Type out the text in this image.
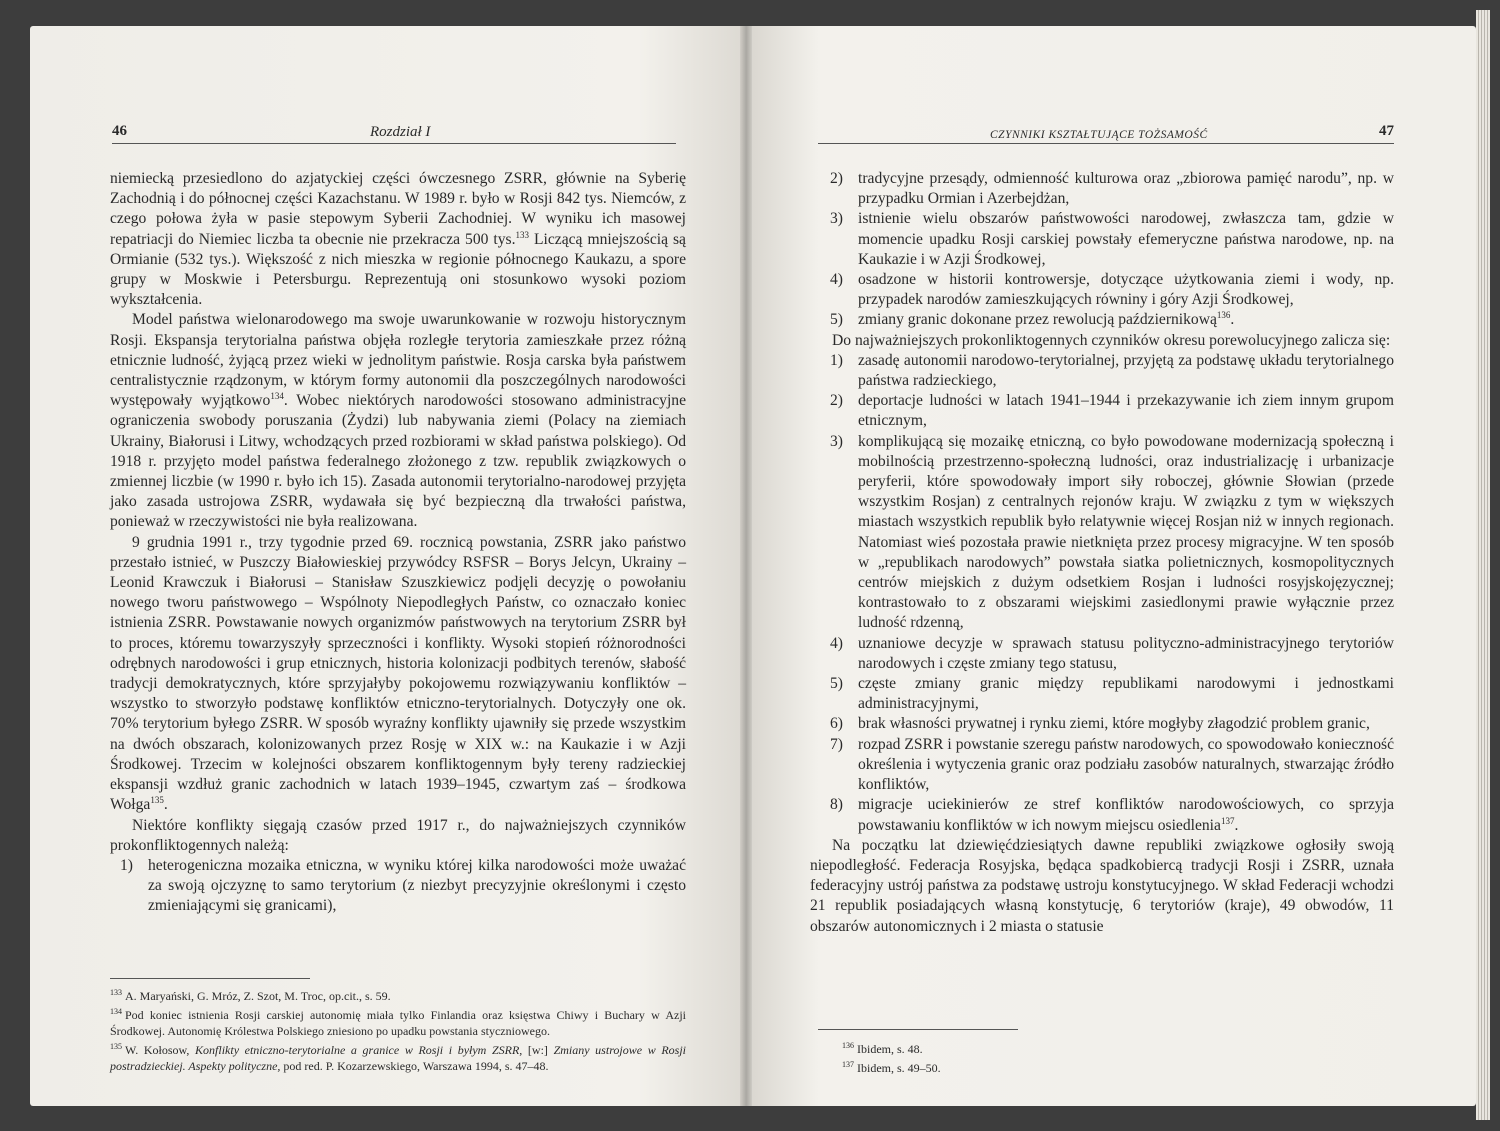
46	Rozdział I

niemiecką przesiedlono do azjatyckiej części ówczesnego ZSRR, głównie na Syberię Zachodnią i do północnej części Kazachstanu. W 1989 r. było w Rosji 842 tys. Niemców, z czego połowa żyła w pasie stepowym Syberii Zachodniej. W wyniku ich masowej repatriacji do Niemiec liczba ta obecnie nie przekracza 500 tys.$^{133}$ Liczącą mniejszością są Ormianie (532 tys.). Większość z nich mieszka w regionie północnego Kaukazu, a spore grupy w Moskwie i Petersburgu. Reprezentują oni stosunkowo wysoki poziom wykształcenia.

Model państwa wielonarodowego ma swoje uwarunkowanie w rozwoju historycznym Rosji. Ekspansja terytorialna państwa objęła rozległe terytoria zamieszkałe przez różną etnicznie ludność, żyjącą przez wieki w jednolitym państwie. Rosja carska była państwem centralistycznie rządzonym, w którym formy autonomii dla poszczególnych narodowości występowały wyjątkowo$^{134}$. Wobec niektórych narodowości stosowano administracyjne ograniczenia swobody poruszania (Żydzi) lub nabywania ziemi (Polacy na ziemiach Ukrainy, Białorusi i Litwy, wchodzących przed rozbiorami w skład państwa polskiego). Od 1918 r. przyjęto model państwa federalnego złożonego z tzw. republik związkowych o zmiennej liczbie (w 1990 r. było ich 15). Zasada autonomii terytorialno-narodowej przyjęta jako zasada ustrojowa ZSRR, wydawała się być bezpieczną dla trwałości państwa, ponieważ w rzeczywistości nie była realizowana.

9 grudnia 1991 r., trzy tygodnie przed 69. rocznicą powstania, ZSRR jako państwo przestało istnieć, w Puszczy Białowieskiej przywódcy RSFSR – Borys Jelcyn, Ukrainy – Leonid Krawczuk i Białorusi – Stanisław Szuszkiewicz podjęli decyzję o powołaniu nowego tworu państwowego – Wspólnoty Niepodległych Państw, co oznaczało koniec istnienia ZSRR. Powstawanie nowych organizmów państwowych na terytorium ZSRR był to proces, któremu towarzyszyły sprzeczności i konflikty. Wysoki stopień różnorodności odrębnych narodowości i grup etnicznych, historia kolonizacji podbitych terenów, słabość tradycji demokratycznych, które sprzyjałyby pokojowemu rozwiązywaniu konfliktów – wszystko to stworzyło podstawę konfliktów etniczno-terytorialnych. Dotyczyły one ok. 70% terytorium byłego ZSRR. W sposób wyraźny konflikty ujawniły się przede wszystkim na dwóch obszarach, kolonizowanych przez Rosję w XIX w.: na Kaukazie i w Azji Środkowej. Trzecim w kolejności obszarem konfliktogennym były tereny radzieckiej ekspansji wzdłuż granic zachodnich w latach 1939–1945, czwartym zaś – środkowa Wołga$^{135}$.

Niektóre konflikty sięgają czasów przed 1917 r., do najważniejszych czynników prokonfliktogennych należą:

1) heterogeniczna mozaika etniczna, w wyniku której kilka narodowości może uważać za swoją ojczyznę to samo terytorium (z niezbyt precyzyjnie określonymi i często zmieniającymi się granicami),

$^{133}$ A. Maryański, G. Mróz, Z. Szot, M. Troc, op.cit., s. 59.

$^{134}$ Pod koniec istnienia Rosji carskiej autonomię miała tylko Finlandia oraz księstwa Chiwy i Buchary w Azji Środkowej. Autonomię Królestwa Polskiego zniesiono po upadku powstania styczniowego.

$^{135}$ W. Kołosow, Konflikty etniczno-terytorialne a granice w Rosji i byłym ZSRR, [w:] Zmiany ustrojowe w Rosji postradzieckiej. Aspekty polityczne, pod red. P. Kozarzewskiego, Warszawa 1994, s. 47–48.

CZYNNIKI KSZTAŁTUJĄCE TOŻSAMOŚĆ	47
2) tradycyjne przesądy, odmienność kulturowa oraz „zbiorowa pamięć narodu”, np. w przypadku Ormian i Azerbejdżan,
3) istnienie wielu obszarów państwowości narodowej, zwłaszcza tam, gdzie w momencie upadku Rosji carskiej powstały efemeryczne państwa narodowe, np. na Kaukazie i w Azji Środkowej,
4) osadzone w historii kontrowersje, dotyczące użytkowania ziemi i wody, np. przypadek narodów zamieszkujących równiny i góry Azji Środkowej,
5) zmiany granic dokonane przez rewolucją październikową$^{136}$.

Do najważniejszych prokonliktogennych czynników okresu porewolucyjnego zalicza się:

1) zasadę autonomii narodowo-terytorialnej, przyjętą za podstawę układu terytorialnego państwa radzieckiego,
2) deportacje ludności w latach 1941–1944 i przekazywanie ich ziem innym grupom etnicznym,
3) komplikującą się mozaikę etniczną, co było powodowane modernizacją społeczną i mobilnością przestrzenno-społeczną ludności, oraz industrializację i urbanizacje peryferii, które spowodowały import siły roboczej, głównie Słowian (przede wszystkim Rosjan) z centralnych rejonów kraju. W związku z tym w większych miastach wszystkich republik było relatywnie więcej Rosjan niż w innych regionach. Natomiast wieś pozostała prawie nietknięta przez procesy migracyjne. W ten sposób w „republikach narodowych” powstała siatka polietnicznych, kosmopolitycznych centrów miejskich z dużym odsetkiem Rosjan i ludności rosyjskojęzycznej; kontrastowało to z obszarami wiejskimi zasiedlonymi prawie wyłącznie przez ludność rdzenną,
4) uznaniowe decyzje w sprawach statusu polityczno-administracyjnego terytoriów narodowych i częste zmiany tego statusu,
5) częste zmiany granic między republikami narodowymi i jednostkami administracyjnymi,
6) brak własności prywatnej i rynku ziemi, które mogłyby złagodzić problem granic,
7) rozpad ZSRR i powstanie szeregu państw narodowych, co spowodowało konieczność określenia i wytyczenia granic oraz podziału zasobów naturalnych, stwarzając źródło konfliktów,
8) migracje uciekinierów ze stref konfliktów narodowościowych, co sprzyja powstawaniu konfliktów w ich nowym miejscu osiedlenia$^{137}$.

Na początku lat dziewięćdziesiątych dawne republiki związkowe ogłosiły swoją niepodległość. Federacja Rosyjska, będąca spadkobiercą tradycji Rosji i ZSRR, uznała federacyjny ustrój państwa za podstawę ustroju konstytucyjnego. W skład Federacji wchodzi 21 republik posiadających własną konstytucję, 6 terytoriów (kraje), 49 obwodów, 11 obszarów autonomicznych i 2 miasta o statusie

$^{136}$ Ibidem, s. 48.

$^{137}$ Ibidem, s. 49–50.
